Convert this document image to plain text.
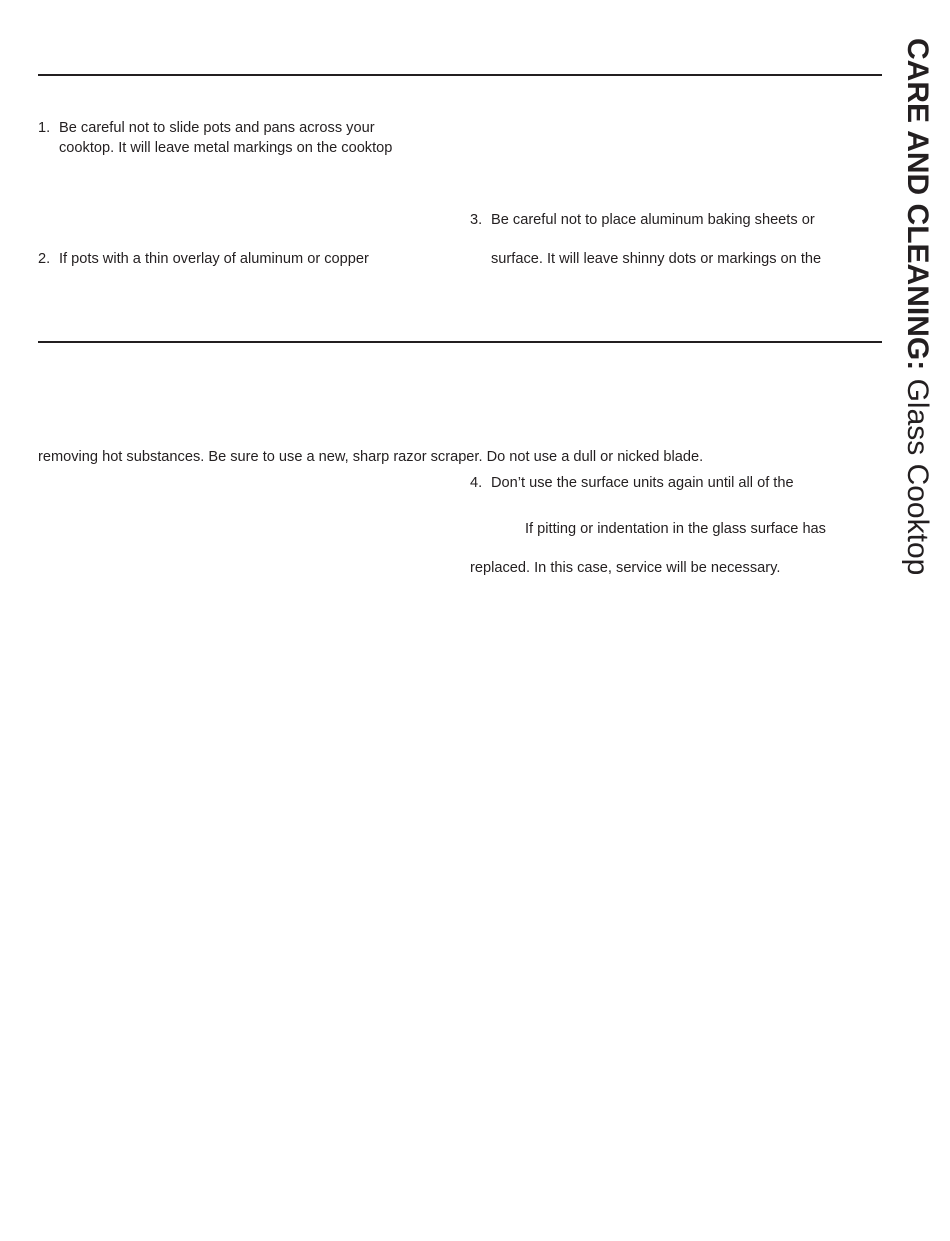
1. Be careful not to slide pots and pans across your

cooktop. It will leave metal markings on the cooktop

2. If pots with a thin overlay of aluminum or copper

3. Be careful not to place aluminum baking sheets or

surface. It will leave shinny dots or markings on the

removing hot substances. Be sure to use a new, sharp razor scraper. Do not use a dull or nicked blade.

4. Don’t use the surface units again until all of the

If pitting or indentation in the glass surface has

replaced. In this case, service will be necessary.

CARE AND CLEANING: Glass Cooktop
